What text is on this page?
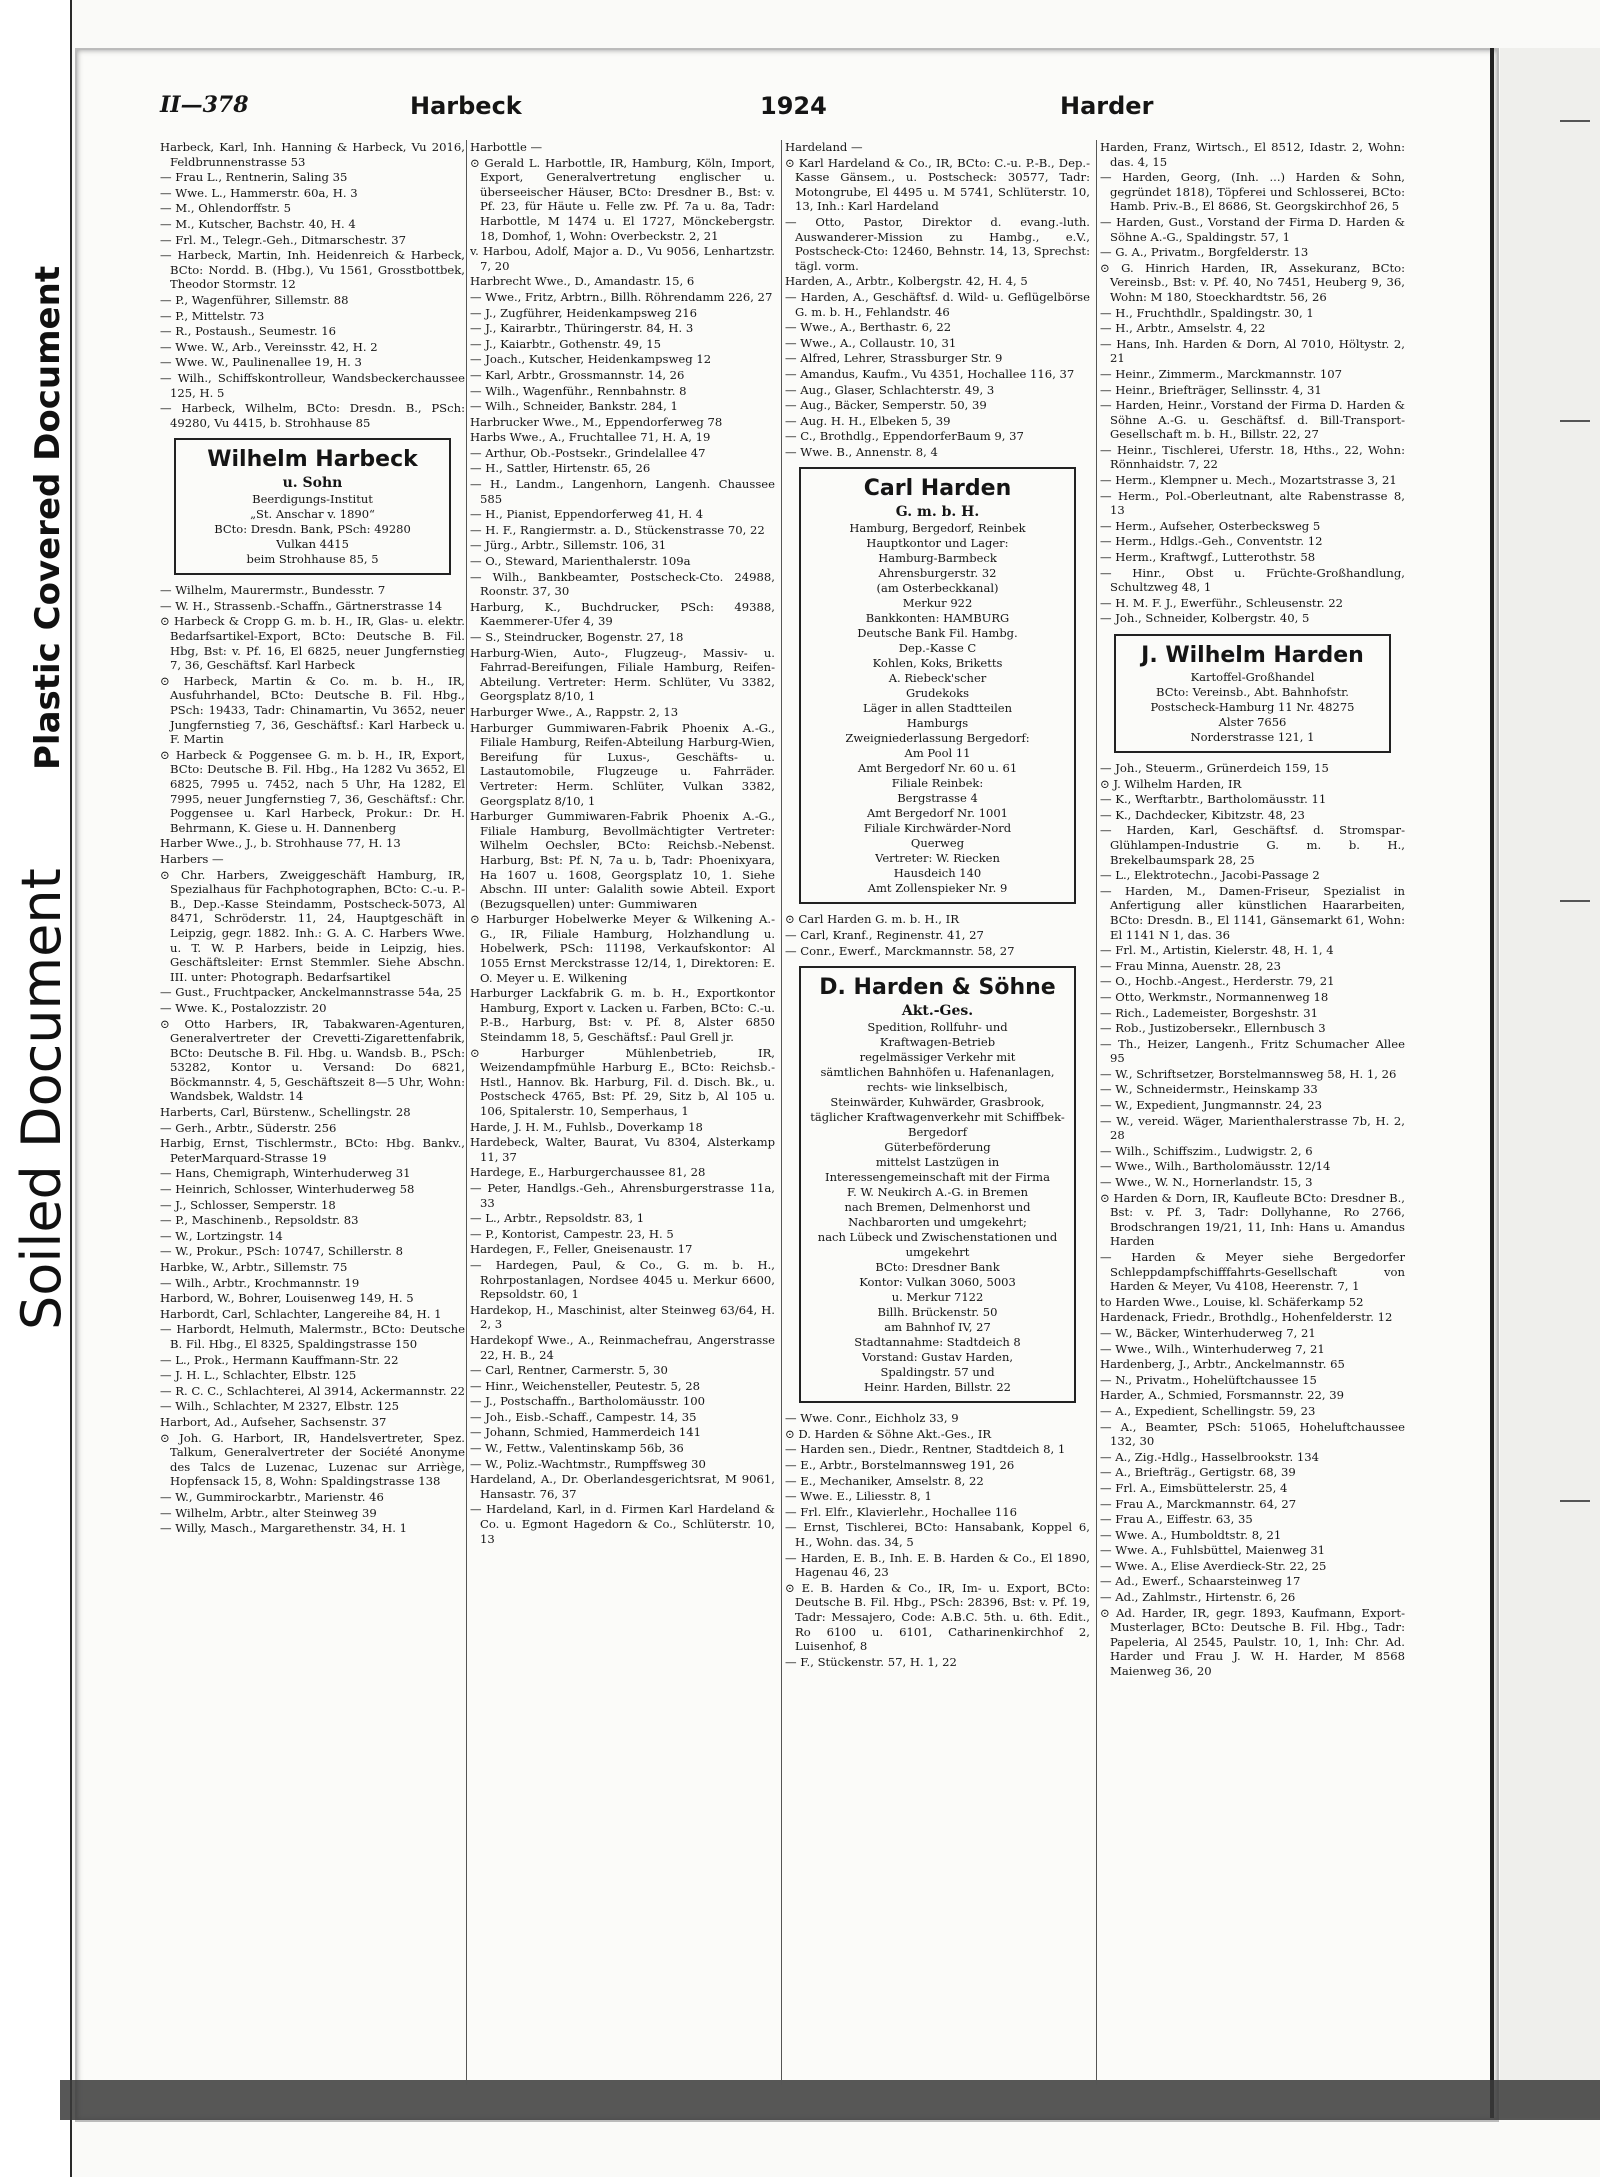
Soiled Document
Plastic Covered Document
II—378	Harbeck	1924	Harder
Harbeck, Karl, Inh. Hanning & Harbeck, Vu 2016, Feldbrunnenstrasse 53
— Frau L., Rentnerin, Saling 35
— Wwe. L., Hammerstr. 60a, H. 3
— M., Ohlendorffstr. 5
— M., Kutscher, Bachstr. 40, H. 4
— Frl. M., Telegr.-Geh., Ditmarschestr. 37
— Harbeck, Martin, Inh. Heidenreich & Harbeck, BCto: Nordd. B. (Hbg.), Vu 1561, Grosstbottbek, Theodor Stormstr. 12
— P., Wagenführer, Sillemstr. 88
— P., Mittelstr. 73
— R., Postaush., Seumestr. 16
— Wwe. W., Arb., Vereinsstr. 42, H. 2
— Wwe. W., Paulinenallee 19, H. 3
— Wilh., Schiffskontrolleur, Wandsbeckerchaussee 125, H. 5
— Harbeck, Wilhelm, BCto: Dresdn. B., PSch: 49280, Vu 4415, b. Strohhause 85
Wilhelm Harbeck
u. Sohn
Beerdigungs-Institut
„St. Anschar v. 1890“
BCto: Dresdn. Bank, PSch: 49280
Vulkan 4415
beim Strohhause 85, 5
— Wilhelm, Maurermstr., Bundesstr. 7
— W. H., Strassenb.-Schaffn., Gärtnerstrasse 14
⊙ Harbeck & Cropp G. m. b. H., IR, Glas- u. elektr. Bedarfsartikel-Export, BCto: Deutsche B. Fil. Hbg, Bst: v. Pf. 16, El 6825, neuer Jungfernstieg 7, 36, Geschäftsf. Karl Harbeck
⊙ Harbeck, Martin & Co. m. b. H., IR, Ausfuhrhandel, BCto: Deutsche B. Fil. Hbg., PSch: 19433, Tadr: Chinamartin, Vu 3652, neuer Jungfernstieg 7, 36, Geschäftsf.: Karl Harbeck u. F. Martin
⊙ Harbeck & Poggensee G. m. b. H., IR, Export, BCto: Deutsche B. Fil. Hbg., Ha 1282 Vu 3652, El 6825, 7995 u. 7452, nach 5 Uhr, Ha 1282, El 7995, neuer Jungfernstieg 7, 36, Geschäftsf.: Chr. Poggensee u. Karl Harbeck, Prokur.: Dr. H. Behrmann, K. Giese u. H. Dannenberg
Harber Wwe., J., b. Strohhause 77, H. 13
Harbers —
⊙ Chr. Harbers, Zweiggeschäft Hamburg, IR, Spezialhaus für Fachphotographen, BCto: C.-u. P.-B., Dep.-Kasse Steindamm, Postscheck-5073, Al 8471, Schröderstr. 11, 24, Hauptgeschäft in Leipzig, gegr. 1882. Inh.: G. A. C. Harbers Wwe. u. T. W. P. Harbers, beide in Leipzig, hies. Geschäftsleiter: Ernst Stemmler. Siehe Abschn. III. unter: Photograph. Bedarfsartikel
— Gust., Fruchtpacker, Anckelmannstrasse 54a, 25
— Wwe. K., Postalozzistr. 20
⊙ Otto Harbers, IR, Tabakwaren-Agenturen, Generalvertreter der Crevetti-Zigarettenfabrik, BCto: Deutsche B. Fil. Hbg. u. Wandsb. B., PSch: 53282, Kontor u. Versand: Do 6821, Böckmannstr. 4, 5, Geschäftszeit 8—5 Uhr, Wohn: Wandsbek, Waldstr. 14
Harberts, Carl, Bürstenw., Schellingstr. 28
— Gerh., Arbtr., Süderstr. 256
Harbig, Ernst, Tischlermstr., BCto: Hbg. Bankv., PeterMarquard-Strasse 19
— Hans, Chemigraph, Winterhuderweg 31
— Heinrich, Schlosser, Winterhuderweg 58
— J., Schlosser, Semperstr. 18
— P., Maschinenb., Repsoldstr. 83
— W., Lortzingstr. 14
— W., Prokur., PSch: 10747, Schillerstr. 8
Harbke, W., Arbtr., Sillemstr. 75
— Wilh., Arbtr., Krochmannstr. 19
Harbord, W., Bohrer, Louisenweg 149, H. 5
Harbordt, Carl, Schlachter, Langereihe 84, H. 1
— Harbordt, Helmuth, Malermstr., BCto: Deutsche B. Fil. Hbg., El 8325, Spaldingstrasse 150
— L., Prok., Hermann Kauffmann-Str. 22
— J. H. L., Schlachter, Elbstr. 125
— R. C. C., Schlachterei, Al 3914, Ackermannstr. 22
— Wilh., Schlachter, M 2327, Elbstr. 125
Harbort, Ad., Aufseher, Sachsenstr. 37
⊙ Joh. G. Harbort, IR, Handelsvertreter, Spez. Talkum, Generalvertreter der Société Anonyme des Talcs de Luzenac, Luzenac sur Arriège, Hopfensack 15, 8, Wohn: Spaldingstrasse 138
— W., Gummirockarbtr., Marienstr. 46
— Wilhelm, Arbtr., alter Steinweg 39
— Willy, Masch., Margarethenstr. 34, H. 1
Harbottle —
⊙ Gerald L. Harbottle, IR, Hamburg, Köln, Import, Export, Generalvertretung englischer u. überseeischer Häuser, BCto: Dresdner B., Bst: v. Pf. 23, für Häute u. Felle zw. Pf. 7a u. 8a, Tadr: Harbottle, M 1474 u. El 1727, Mönckebergstr. 18, Domhof, 1, Wohn: Overbeckstr. 2, 21
v. Harbou, Adolf, Major a. D., Vu 9056, Lenhartzstr. 7, 20
Harbrecht Wwe., D., Amandastr. 15, 6
— Wwe., Fritz, Arbtrn., Billh. Röhrendamm 226, 27
— J., Zugführer, Heidenkampsweg 216
— J., Kairarbtr., Thüringerstr. 84, H. 3
— J., Kaiarbtr., Gothenstr. 49, 15
— Joach., Kutscher, Heidenkampsweg 12
— Karl, Arbtr., Grossmannstr. 14, 26
— Wilh., Wagenführ., Rennbahnstr. 8
— Wilh., Schneider, Bankstr. 284, 1
Harbrucker Wwe., M., Eppendorferweg 78
Harbs Wwe., A., Fruchtallee 71, H. A, 19
— Arthur, Ob.-Postsekr., Grindelallee 47
— H., Sattler, Hirtenstr. 65, 26
— H., Landm., Langenhorn, Langenh. Chaussee 585
— H., Pianist, Eppendorferweg 41, H. 4
— H. F., Rangiermstr. a. D., Stückenstrasse 70, 22
— Jürg., Arbtr., Sillemstr. 106, 31
— O., Steward, Marienthalerstr. 109a
— Wilh., Bankbeamter, Postscheck-Cto. 24988, Roonstr. 37, 30
Harburg, K., Buchdrucker, PSch: 49388, Kaemmerer-Ufer 4, 39
— S., Steindrucker, Bogenstr. 27, 18
Harburg-Wien, Auto-, Flugzeug-, Massiv- u. Fahrrad-Bereifungen, Filiale Hamburg, Reifen-Abteilung. Vertreter: Herm. Schlüter, Vu 3382, Georgsplatz 8/10, 1
Harburger Wwe., A., Rappstr. 2, 13
Harburger Gummiwaren-Fabrik Phoenix A.-G., Filiale Hamburg, Reifen-Abteilung Harburg-Wien, Bereifung für Luxus-, Geschäfts- u. Lastautomobile, Flugzeuge u. Fahrräder. Vertreter: Herm. Schlüter, Vulkan 3382, Georgsplatz 8/10, 1
Harburger Gummiwaren-Fabrik Phoenix A.-G., Filiale Hamburg, Bevollmächtigter Vertreter: Wilhelm Oechsler, BCto: Reichsb.-Nebenst. Harburg, Bst: Pf. N, 7a u. b, Tadr: Phoenixyara, Ha 1607 u. 1608, Georgsplatz 10, 1. Siehe Abschn. III unter: Galalith sowie Abteil. Export (Bezugsquellen) unter: Gummiwaren
⊙ Harburger Hobelwerke Meyer & Wilkening A.-G., IR, Filiale Hamburg, Holzhandlung u. Hobelwerk, PSch: 11198, Verkaufskontor: Al 1055 Ernst Merckstrasse 12/14, 1, Direktoren: E. O. Meyer u. E. Wilkening
Harburger Lackfabrik G. m. b. H., Exportkontor Hamburg, Export v. Lacken u. Farben, BCto: C.-u. P.-B., Harburg, Bst: v. Pf. 8, Alster 6850 Steindamm 18, 5, Geschäftsf.: Paul Grell jr.
⊙ Harburger Mühlenbetrieb, IR, Weizendampfmühle Harburg E., BCto: Reichsb.-Hstl., Hannov. Bk. Harburg, Fil. d. Disch. Bk., u. Postscheck 4765, Bst: Pf. 29, Sitz b, Al 105 u. 106, Spitalerstr. 10, Semperhaus, 1
Harde, J. H. M., Fuhlsb., Doverkamp 18
Hardebeck, Walter, Baurat, Vu 8304, Alsterkamp 11, 37
Hardege, E., Harburgerchaussee 81, 28
— Peter, Handlgs.-Geh., Ahrensburgerstrasse 11a, 33
— L., Arbtr., Repsoldstr. 83, 1
— P., Kontorist, Campestr. 23, H. 5
Hardegen, F., Feller, Gneisenaustr. 17
— Hardegen, Paul, & Co., G. m. b. H., Rohrpostanlagen, Nordsee 4045 u. Merkur 6600, Repsoldstr. 60, 1
Hardekop, H., Maschinist, alter Steinweg 63/64, H. 2, 3
Hardekopf Wwe., A., Reinmachefrau, Angerstrasse 22, H. B., 24
— Carl, Rentner, Carmerstr. 5, 30
— Hinr., Weichensteller, Peutestr. 5, 28
— J., Postschaffn., Bartholomäusstr. 100
— Joh., Eisb.-Schaff., Campestr. 14, 35
— Johann, Schmied, Hammerdeich 141
— W., Fettw., Valentinskamp 56b, 36
— W., Poliz.-Wachtmstr., Rumpffsweg 30
Hardeland, A., Dr. Oberlandesgerichtsrat, M 9061, Hansastr. 76, 37
— Hardeland, Karl, in d. Firmen Karl Hardeland & Co. u. Egmont Hagedorn & Co., Schlüterstr. 10, 13
Hardeland —
⊙ Karl Hardeland & Co., IR, BCto: C.-u. P.-B., Dep.-Kasse Gänsem., u. Postscheck: 30577, Tadr: Motongrube, El 4495 u. M 5741, Schlüterstr. 10, 13, Inh.: Karl Hardeland
— Otto, Pastor, Direktor d. evang.-luth. Auswanderer-Mission zu Hambg., e.V., Postscheck-Cto: 12460, Behnstr. 14, 13, Sprechst: tägl. vorm.
Harden, A., Arbtr., Kolbergstr. 42, H. 4, 5
— Harden, A., Geschäftsf. d. Wild- u. Geflügelbörse G. m. b. H., Fehlandstr. 46
— Wwe., A., Berthastr. 6, 22
— Wwe., A., Collaustr. 10, 31
— Alfred, Lehrer, Strassburger Str. 9
— Amandus, Kaufm., Vu 4351, Hochallee 116, 37
— Aug., Glaser, Schlachterstr. 49, 3
— Aug., Bäcker, Semperstr. 50, 39
— Aug. H. H., Elbeken 5, 39
— C., Brothdlg., EppendorferBaum 9, 37
— Wwe. B., Annenstr. 8, 4
Carl Harden
G. m. b. H.
Hamburg, Bergedorf, Reinbek
Hauptkontor und Lager:
Hamburg-Barmbeck
Ahrensburgerstr. 32
(am Osterbeckkanal)
Merkur 922
Bankkonten: HAMBURG
Deutsche Bank Fil. Hambg.
Dep.-Kasse C
Kohlen, Koks, Briketts
A. Riebeck'scher
Grudekoks
Läger in allen Stadtteilen
Hamburgs
Zweigniederlassung Bergedorf:
Am Pool 11
Amt Bergedorf Nr. 60 u. 61
Filiale Reinbek:
Bergstrasse 4
Amt Bergedorf Nr. 1001
Filiale Kirchwärder-Nord
Querweg
Vertreter: W. Riecken
Hausdeich 140
Amt Zollenspieker Nr. 9
⊙ Carl Harden G. m. b. H., IR
— Carl, Kranf., Reginenstr. 41, 27
— Conr., Ewerf., Marckmannstr. 58, 27
D. Harden & Söhne
Akt.-Ges.
Spedition, Rollfuhr- und
Kraftwagen-Betrieb
regelmässiger Verkehr mit
sämtlichen Bahnhöfen u. Hafenanlagen, rechts- wie linkselbisch,
Steinwärder, Kuhwärder, Grasbrook, täglicher Kraftwagenverkehr mit Schiffbek-Bergedorf
Güterbeförderung
mittelst Lastzügen in Interessengemeinschaft mit der Firma
F. W. Neukirch A.-G. in Bremen
nach Bremen, Delmenhorst und
Nachbarorten und umgekehrt;
nach Lübeck und Zwischenstationen und umgekehrt
BCto: Dresdner Bank
Kontor: Vulkan 3060, 5003
u. Merkur 7122
Billh. Brückenstr. 50
am Bahnhof IV, 27
Stadtannahme: Stadtdeich 8
Vorstand: Gustav Harden,
Spaldingstr. 57 und
Heinr. Harden, Billstr. 22
— Wwe. Conr., Eichholz 33, 9
⊙ D. Harden & Söhne Akt.-Ges., IR
— Harden sen., Diedr., Rentner, Stadtdeich 8, 1
— E., Arbtr., Borstelmannsweg 191, 26
— E., Mechaniker, Amselstr. 8, 22
— Wwe. E., Liliesstr. 8, 1
— Frl. Elfr., Klavierlehr., Hochallee 116
— Ernst, Tischlerei, BCto: Hansabank, Koppel 6, H., Wohn. das. 34, 5
— Harden, E. B., Inh. E. B. Harden & Co., El 1890, Hagenau 46, 23
⊙ E. B. Harden & Co., IR, Im- u. Export, BCto: Deutsche B. Fil. Hbg., PSch: 28396, Bst: v. Pf. 19, Tadr: Messajero, Code: A.B.C. 5th. u. 6th. Edit., Ro 6100 u. 6101, Catharinenkirchhof 2, Luisenhof, 8
— F., Stückenstr. 57, H. 1, 22
Harden, Franz, Wirtsch., El 8512, Idastr. 2, Wohn: das. 4, 15
— Harden, Georg, (Inh. ...) Harden & Sohn, gegründet 1818), Töpferei und Schlosserei, BCto: Hamb. Priv.-B., El 8686, St. Georgskirchhof 26, 5
— Harden, Gust., Vorstand der Firma D. Harden & Söhne A.-G., Spaldingstr. 57, 1
— G. A., Privatm., Borgfelderstr. 13
⊙ G. Hinrich Harden, IR, Assekuranz, BCto: Vereinsb., Bst: v. Pf. 40, No 7451, Heuberg 9, 36, Wohn: M 180, Stoeckhardtstr. 56, 26
— H., Fruchthdlr., Spaldingstr. 30, 1
— H., Arbtr., Amselstr. 4, 22
— Hans, Inh. Harden & Dorn, Al 7010, Höltystr. 2, 21
— Heinr., Zimmerm., Marckmannstr. 107
— Heinr., Briefträger, Sellinsstr. 4, 31
— Harden, Heinr., Vorstand der Firma D. Harden & Söhne A.-G. u. Geschäftsf. d. Bill-Transport-Gesellschaft m. b. H., Billstr. 22, 27
— Heinr., Tischlerei, Uferstr. 18, Hths., 22, Wohn: Rönnhaidstr. 7, 22
— Herm., Klempner u. Mech., Mozartstrasse 3, 21
— Herm., Pol.-Oberleutnant, alte Rabenstrasse 8, 13
— Herm., Aufseher, Osterbecksweg 5
— Herm., Hdlgs.-Geh., Conventstr. 12
— Herm., Kraftwgf., Lutterothstr. 58
— Hinr., Obst u. Früchte-Großhandlung, Schultzweg 48, 1
— H. M. F. J., Ewerführ., Schleusenstr. 22
— Joh., Schneider, Kolbergstr. 40, 5
J. Wilhelm Harden
Kartoffel-Großhandel
BCto: Vereinsb., Abt. Bahnhofstr.
Postscheck-Hamburg 11 Nr. 48275
Alster 7656
Norderstrasse 121, 1
— Joh., Steuerm., Grünerdeich 159, 15
⊙ J. Wilhelm Harden, IR
— K., Werftarbtr., Bartholomäusstr. 11
— K., Dachdecker, Kibitzstr. 48, 23
— Harden, Karl, Geschäftsf. d. Stromspar-Glühlampen-Industrie G. m. b. H., Brekelbaumspark 28, 25
— L., Elektrotechn., Jacobi-Passage 2
— Harden, M., Damen-Friseur, Spezialist in Anfertigung aller künstlichen Haararbeiten, BCto: Dresdn. B., El 1141, Gänsemarkt 61, Wohn: El 1141 N 1, das. 36
— Frl. M., Artistin, Kielerstr. 48, H. 1, 4
— Frau Minna, Auenstr. 28, 23
— O., Hochb.-Angest., Herderstr. 79, 21
— Otto, Werkmstr., Normannenweg 18
— Rich., Lademeister, Borgeshstr. 31
— Rob., Justizobersekr., Ellernbusch 3
— Th., Heizer, Langenh., Fritz Schumacher Allee 95
— W., Schriftsetzer, Borstelmannsweg 58, H. 1, 26
— W., Schneidermstr., Heinskamp 33
— W., Expedient, Jungmannstr. 24, 23
— W., vereid. Wäger, Marienthalerstrasse 7b, H. 2, 28
— Wilh., Schiffszim., Ludwigstr. 2, 6
— Wwe., Wilh., Bartholomäusstr. 12/14
— Wwe., W. N., Hornerlandstr. 15, 3
⊙ Harden & Dorn, IR, Kaufleute BCto: Dresdner B., Bst: v. Pf. 3, Tadr: Dollyhanne, Ro 2766, Brodschrangen 19/21, 11, Inh: Hans u. Amandus Harden
— Harden & Meyer siehe Bergedorfer Schleppdampfschifffahrts-Gesellschaft von Harden & Meyer, Vu 4108, Heerenstr. 7, 1
to Harden Wwe., Louise, kl. Schäferkamp 52
Hardenack, Friedr., Brothdlg., Hohenfelderstr. 12
— W., Bäcker, Winterhuderweg 7, 21
— Wwe., Wilh., Winterhuderweg 7, 21
Hardenberg, J., Arbtr., Anckelmannstr. 65
— N., Privatm., Hohelüftchaussee 15
Harder, A., Schmied, Forsmannstr. 22, 39
— A., Expedient, Schellingstr. 59, 23
— A., Beamter, PSch: 51065, Hoheluftchaussee 132, 30
— A., Zig.-Hdlg., Hasselbrookstr. 134
— A., Briefträg., Gertigstr. 68, 39
— Frl. A., Eimsbüttelerstr. 25, 4
— Frau A., Marckmannstr. 64, 27
— Frau A., Eiffestr. 63, 35
— Wwe. A., Humboldtstr. 8, 21
— Wwe. A., Fuhlsbüttel, Maienweg 31
— Wwe. A., Elise Averdieck-Str. 22, 25
— Ad., Ewerf., Schaarsteinweg 17
— Ad., Zahlmstr., Hirtenstr. 6, 26
⊙ Ad. Harder, IR, gegr. 1893, Kaufmann, Export-Musterlager, BCto: Deutsche B. Fil. Hbg., Tadr: Papeleria, Al 2545, Paulstr. 10, 1, Inh: Chr. Ad. Harder und Frau J. W. H. Harder, M 8568 Maienweg 36, 20
